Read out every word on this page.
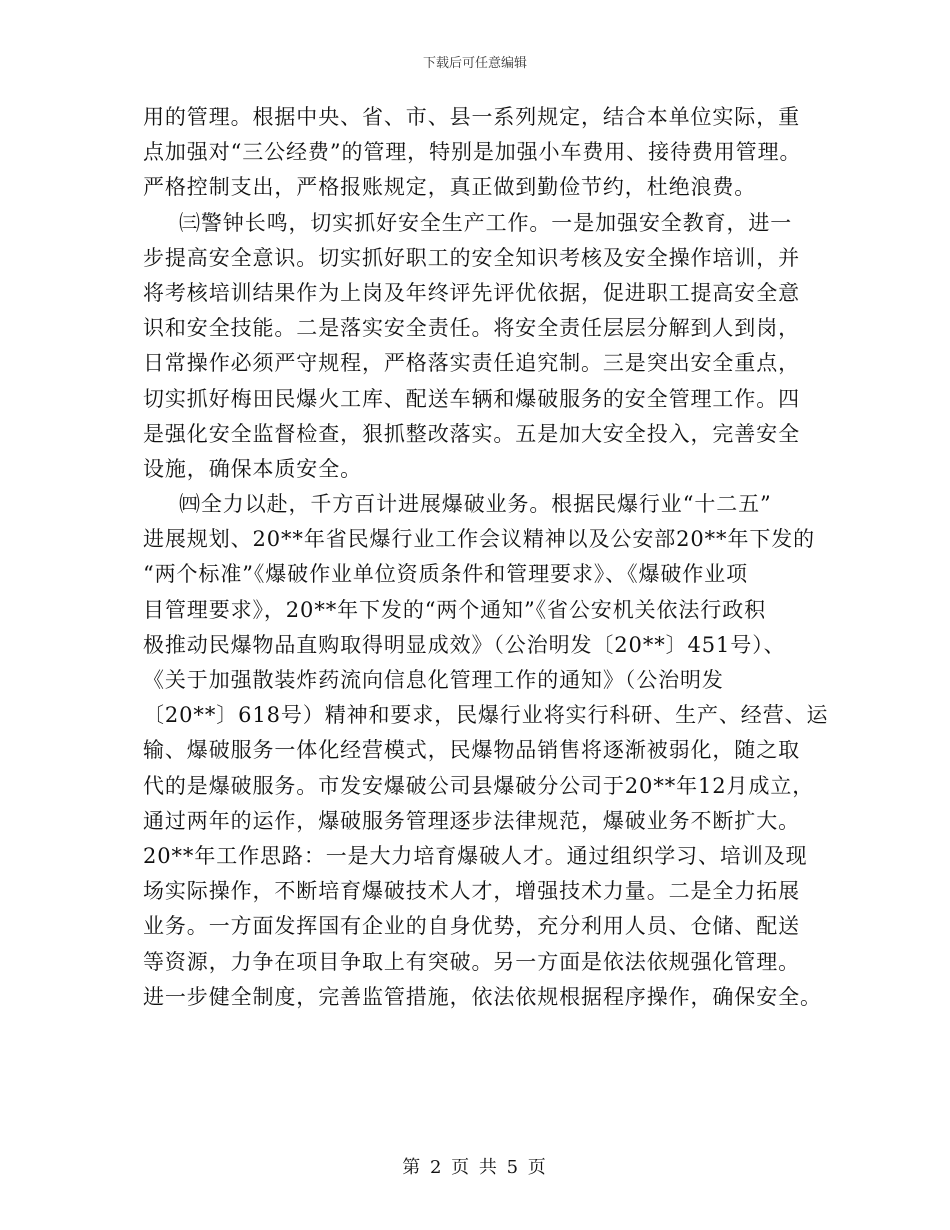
下载后可任意编辑
用的管理。根据中央、省、市、县一系列规定，结合本单位实际，重
点加强对“三公经费”的管理，特别是加强小车费用、接待费用管理。
严格控制支出，严格报账规定，真正做到勤俭节约，杜绝浪费。
㈢警钟长鸣，切实抓好安全生产工作。一是加强安全教育，进一
步提高安全意识。切实抓好职工的安全知识考核及安全操作培训，并
将考核培训结果作为上岗及年终评先评优依据，促进职工提高安全意
识和安全技能。二是落实安全责任。将安全责任层层分解到人到岗，
日常操作必须严守规程，严格落实责任追究制。三是突出安全重点，
切实抓好梅田民爆火工库、配送车辆和爆破服务的安全管理工作。四
是强化安全监督检查，狠抓整改落实。五是加大安全投入，完善安全
设施，确保本质安全。
㈣全力以赴，千方百计进展爆破业务。根据民爆行业“十二五”
进展规划、20**年省民爆行业工作会议精神以及公安部20**年下发的
“两个标准”《爆破作业单位资质条件和管理要求》、《爆破作业项
目管理要求》，20**年下发的“两个通知”《省公安机关依法行政积
极推动民爆物品直购取得明显成效》（公治明发〔20**〕451号）、
《关于加强散装炸药流向信息化管理工作的通知》（公治明发
〔20**〕618号）精神和要求，民爆行业将实行科研、生产、经营、运
输、爆破服务一体化经营模式，民爆物品销售将逐渐被弱化，随之取
代的是爆破服务。市发安爆破公司县爆破分公司于20**年12月成立，
通过两年的运作，爆破服务管理逐步法律规范，爆破业务不断扩大。
20**年工作思路：一是大力培育爆破人才。通过组织学习、培训及现
场实际操作，不断培育爆破技术人才，增强技术力量。二是全力拓展
业务。一方面发挥国有企业的自身优势，充分利用人员、仓储、配送
等资源，力争在项目争取上有突破。另一方面是依法依规强化管理。
进一步健全制度，完善监管措施，依法依规根据程序操作，确保安全。
第 2 页 共 5 页
